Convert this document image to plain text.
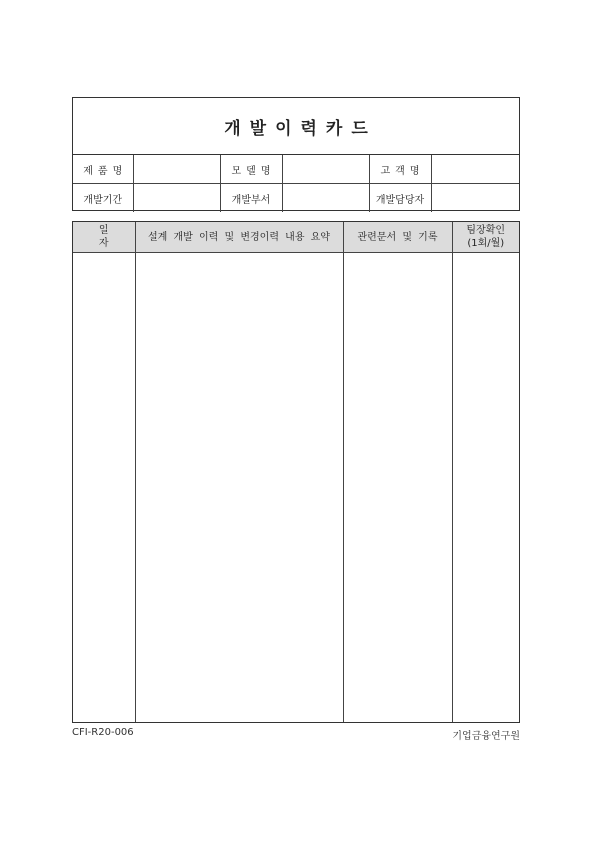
개발이력카드
제품명		모델명		고객명	
개발기간		개발부서		개발담당자	
일자	설계 개발 이력 및 변경이력 내용 요약	관련문서 및 기록	팀장확인
(1회/월)

CFI-R20-006	기업금융연구원
